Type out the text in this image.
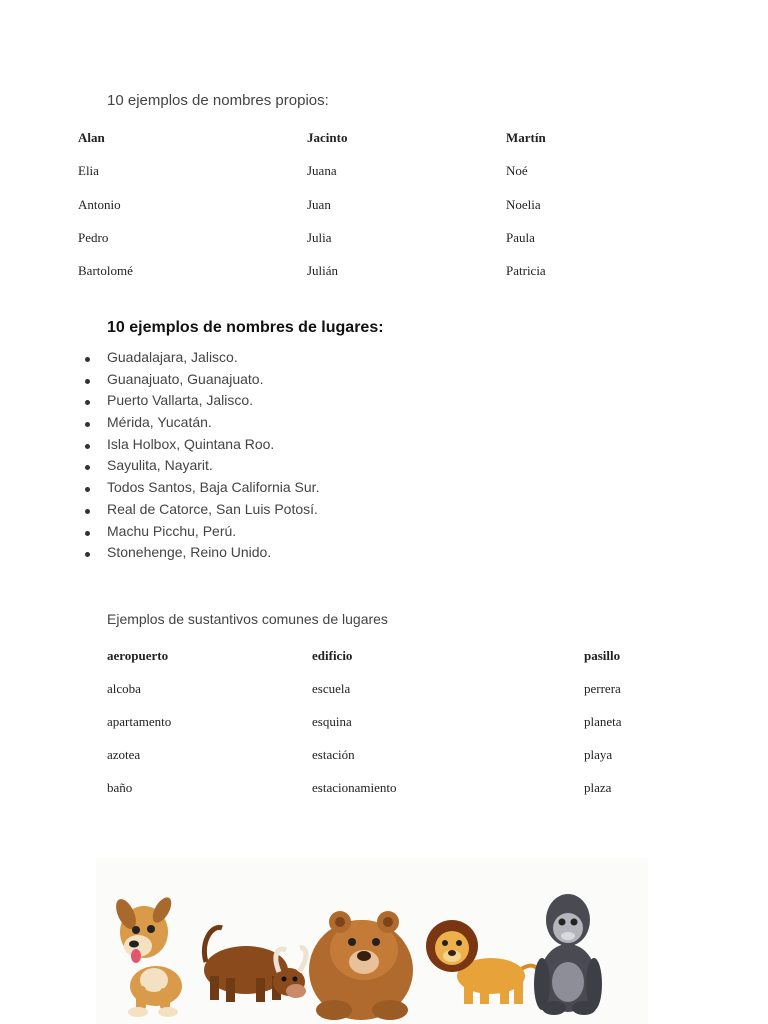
10 ejemplos de nombres propios:

Alan	Jacinto	Martín
Elia	Juana	Noé
Antonio	Juan	Noelia
Pedro	Julia	Paula
Bartolomé	Julián	Patricia

10 ejemplos de nombres de lugares:

Guadalajara, Jalisco.
Guanajuato, Guanajuato.
Puerto Vallarta, Jalisco.
Mérida, Yucatán.
Isla Holbox, Quintana Roo.
Sayulita, Nayarit.
Todos Santos, Baja California Sur.
Real de Catorce, San Luis Potosí.
Machu Picchu, Perú.
Stonehenge, Reino Unido.

Ejemplos de sustantivos comunes de lugares

aeropuerto	edificio	pasillo
alcoba	escuela	perrera
apartamento	esquina	planeta
azotea	estación	playa
baño	estacionamiento	plaza
